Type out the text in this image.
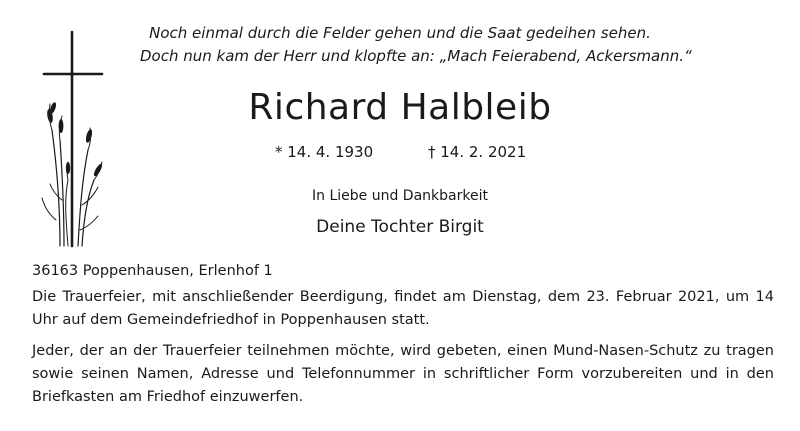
Noch einmal durch die Felder gehen und die Saat gedeihen sehen.
Doch nun kam der Herr und klopfte an: „Mach Feierabend, Ackersmann.“
Richard Halbleib
* 14. 4. 1930	† 14. 2. 2021
In Liebe und Dankbarkeit
Deine Tochter Birgit
36163 Poppenhausen, Erlenhof 1
Die Trauerfeier, mit anschließender Beerdigung, findet am Dienstag, dem 23. Februar 2021, um 14 Uhr auf dem Gemeindefriedhof in Poppenhausen statt.
Jeder, der an der Trauerfeier teilnehmen möchte, wird gebeten, einen Mund-Nasen-Schutz zu tragen sowie seinen Namen, Adresse und Telefonnummer in schriftlicher Form vorzubereiten und in den Briefkasten am Friedhof einzuwerfen.
